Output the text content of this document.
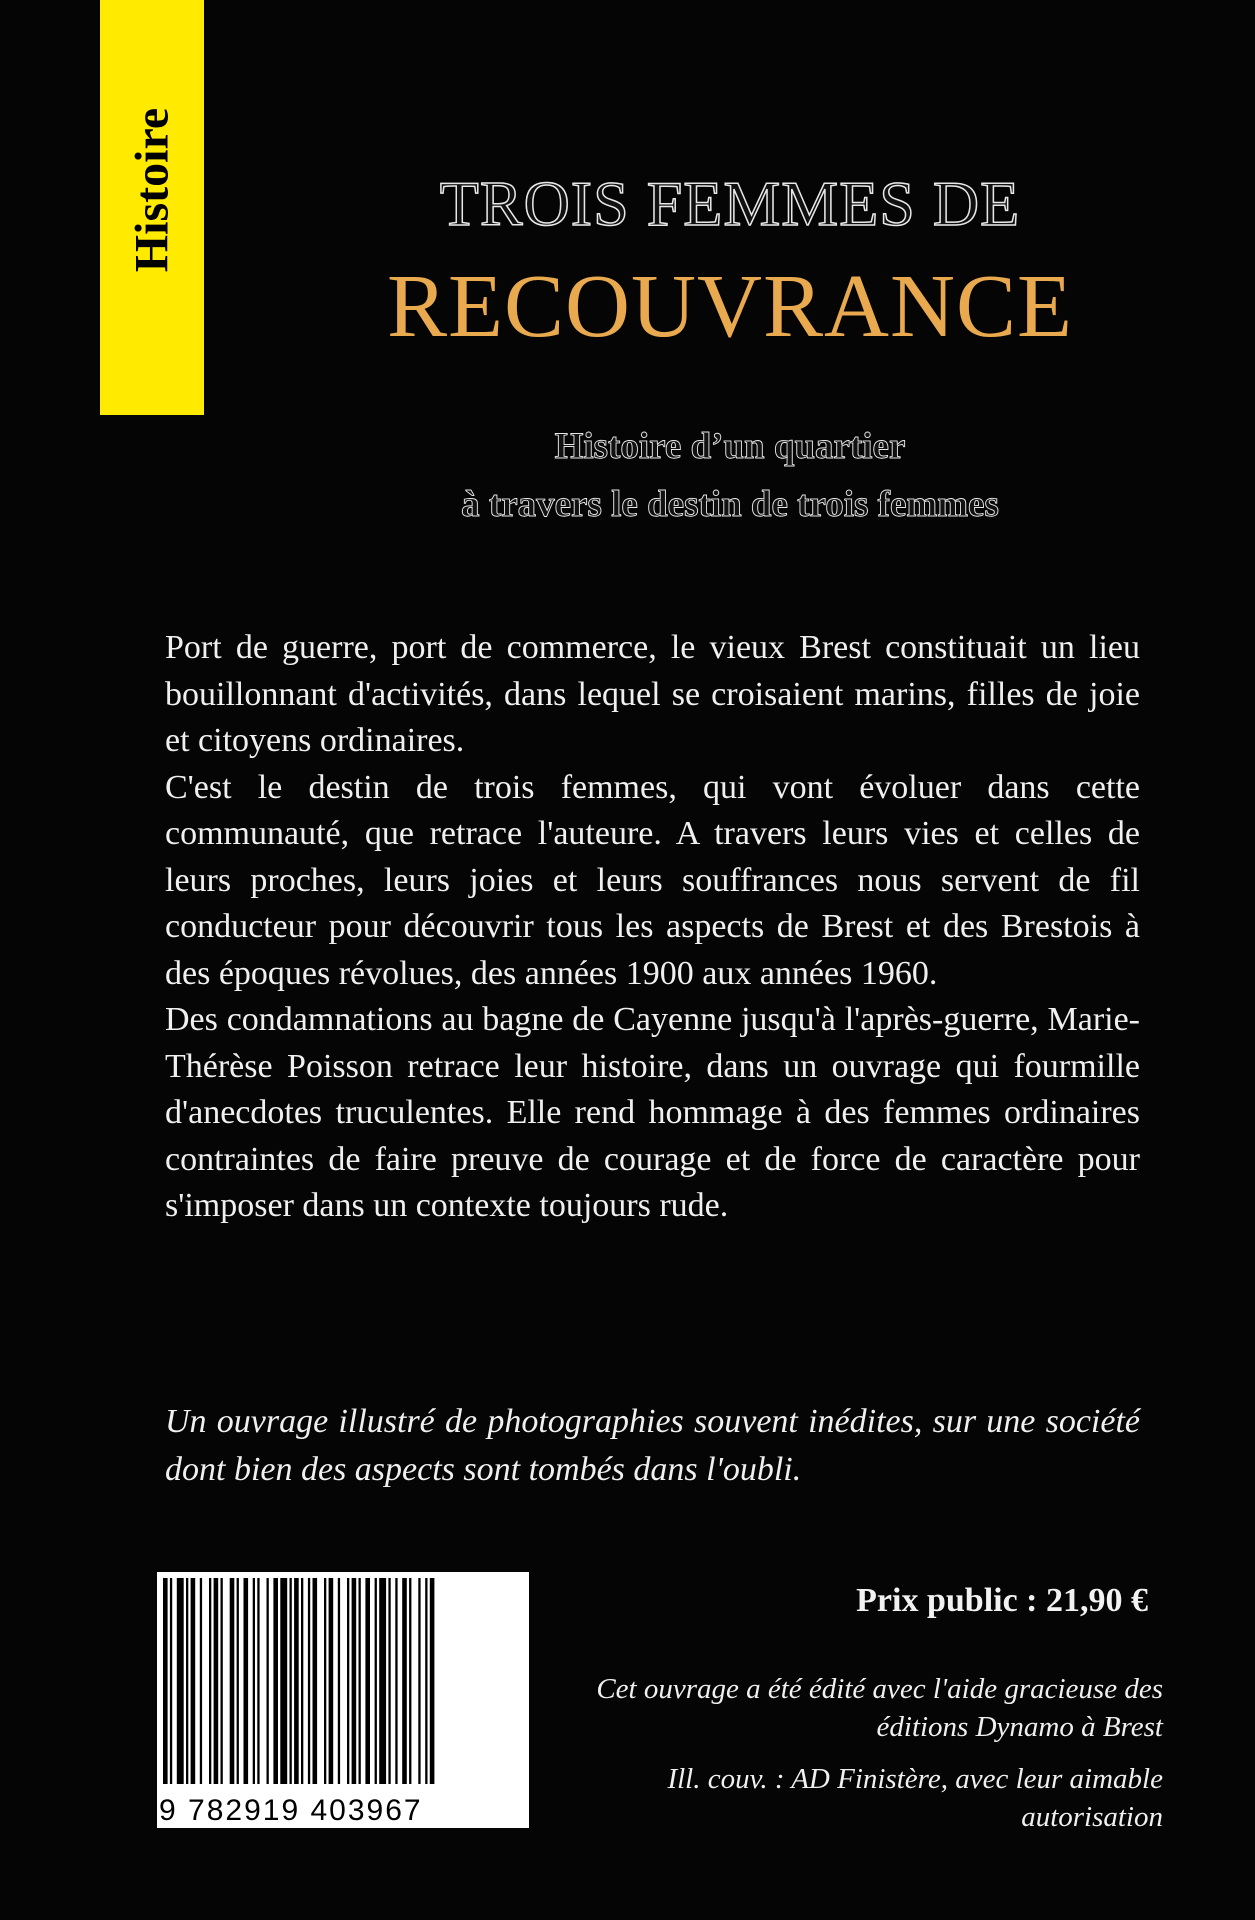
Histoire	TROIS FEMMES DE
RECOUVRANCE
Histoire d’un quartier
à travers le destin de trois femmes

Port de guerre, port de commerce, le vieux Brest constituait un lieu bouillonnant d'activités, dans lequel se croisaient marins, filles de joie et citoyens ordinaires.

C'est le destin de trois femmes, qui vont évoluer dans cette communauté, que retrace l'auteure. A travers leurs vies et celles de leurs proches, leurs joies et leurs souffrances nous servent de fil conducteur pour découvrir tous les aspects de Brest et des Brestois à des époques révolues, des années 1900 aux années 1960.

Des condamnations au bagne de Cayenne jusqu'à l'après-guerre, Marie-Thérèse Poisson retrace leur histoire, dans un ouvrage qui fourmille d'anecdotes truculentes. Elle rend hommage à des femmes ordinaires contraintes de faire preuve de courage et de force de caractère pour s'imposer dans un contexte toujours rude.

Un ouvrage illustré de photographies souvent inédites, sur une société dont bien des aspects sont tombés dans l'oubli.
9 782919 403967
Prix public : 21,90 €

Cet ouvrage a été édité avec l'aide gracieuse des éditions Dynamo à Brest

Ill. couv. : AD Finistère, avec leur aimable autorisation
